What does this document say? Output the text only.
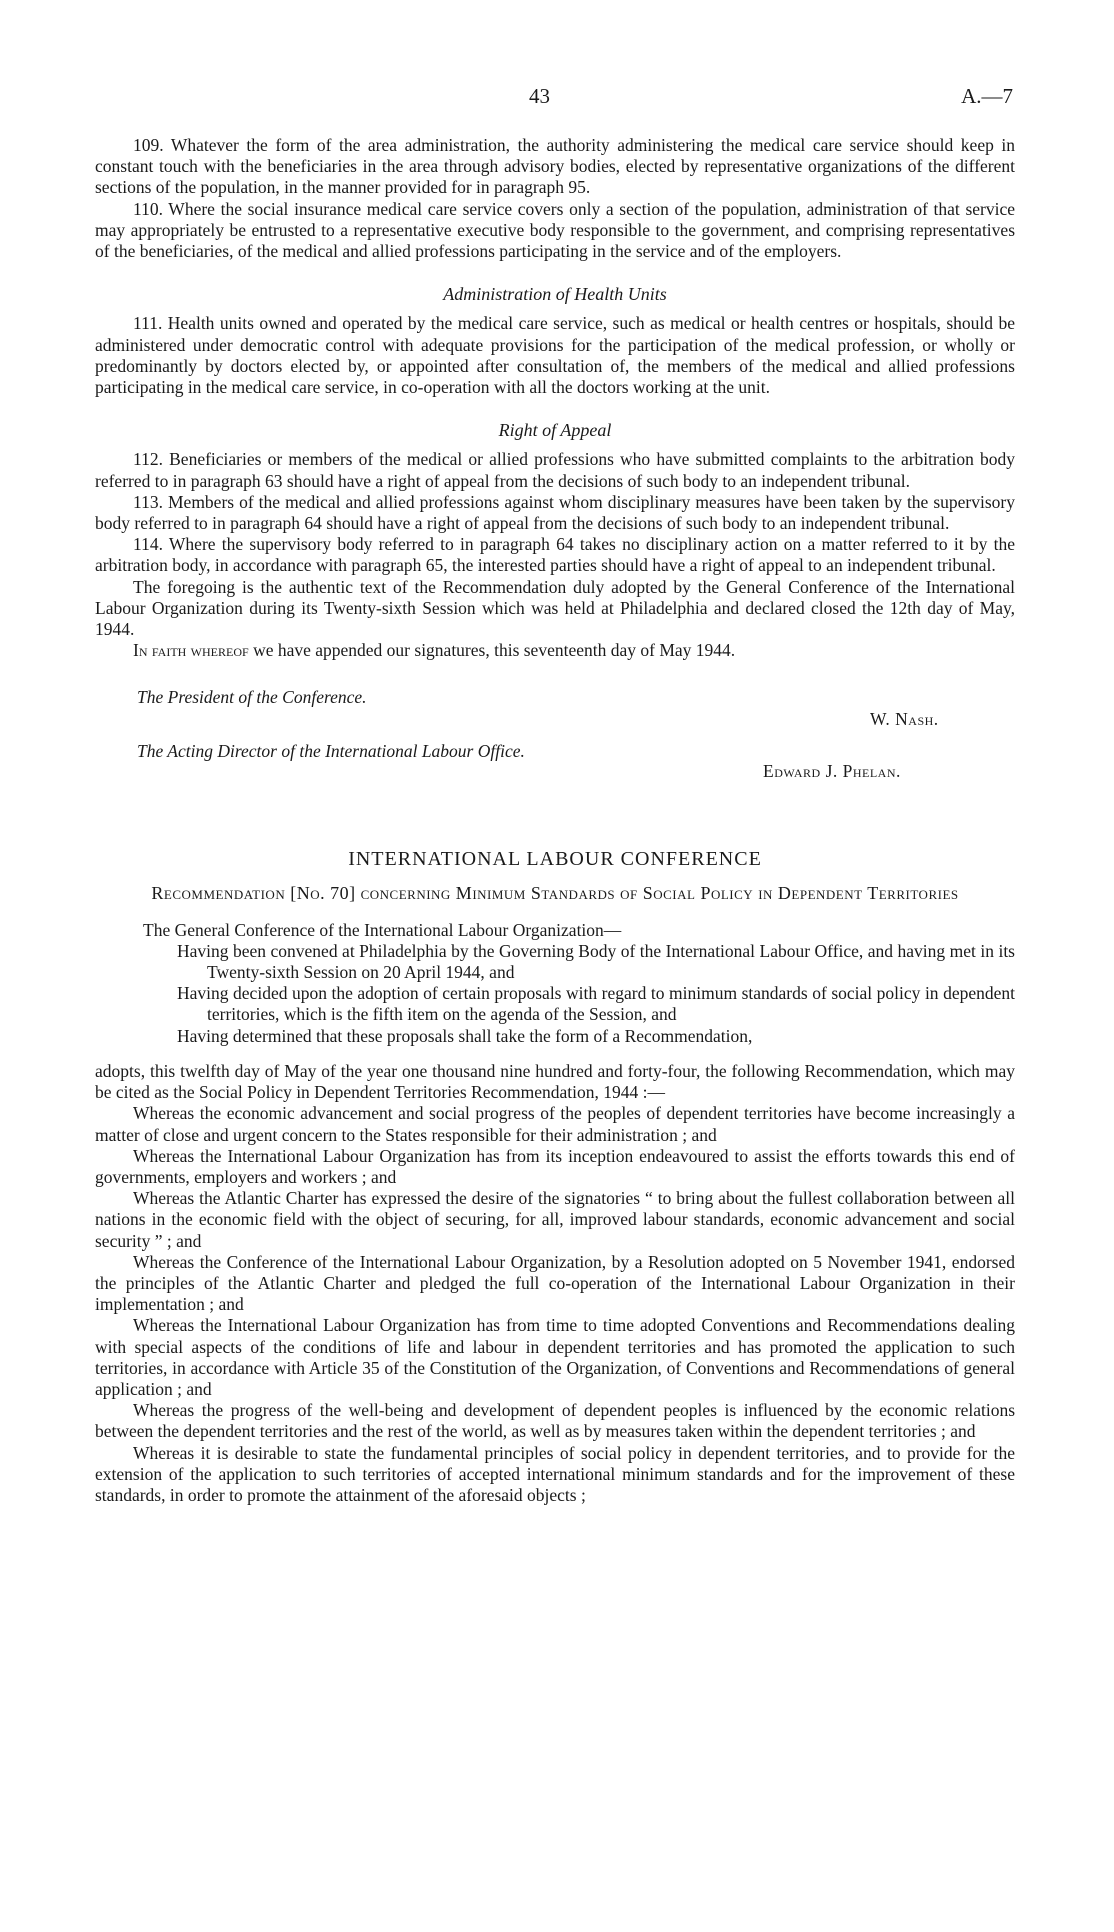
43	A.—7

109. Whatever the form of the area administration, the authority administering the medical care service should keep in constant touch with the beneficiaries in the area through advisory bodies, elected by representative organizations of the different sections of the population, in the manner provided for in paragraph 95.

110. Where the social insurance medical care service covers only a section of the population, administration of that service may appropriately be entrusted to a representative executive body responsible to the government, and comprising representatives of the beneficiaries, of the medical and allied professions participating in the service and of the employers.

Administration of Health Units

111. Health units owned and operated by the medical care service, such as medical or health centres or hospitals, should be administered under democratic control with adequate provisions for the participation of the medical profession, or wholly or predominantly by doctors elected by, or appointed after consultation of, the members of the medical and allied professions participating in the medical care service, in co-operation with all the doctors working at the unit.

Right of Appeal

112. Beneficiaries or members of the medical or allied professions who have submitted complaints to the arbitration body referred to in paragraph 63 should have a right of appeal from the decisions of such body to an independent tribunal.

113. Members of the medical and allied professions against whom disciplinary measures have been taken by the supervisory body referred to in paragraph 64 should have a right of appeal from the decisions of such body to an independent tribunal.

114. Where the supervisory body referred to in paragraph 64 takes no disciplinary action on a matter referred to it by the arbitration body, in accordance with paragraph 65, the interested parties should have a right of appeal to an independent tribunal.

The foregoing is the authentic text of the Recommendation duly adopted by the General Conference of the International Labour Organization during its Twenty-sixth Session which was held at Philadelphia and declared closed the 12th day of May, 1944.

In faith whereof we have appended our signatures, this seventeenth day of May 1944.

The President of the Conference.
The Acting Director of the International Labour Office.
W. Nash.
Edward J. Phelan.

INTERNATIONAL LABOUR CONFERENCE

Recommendation [No. 70] concerning Minimum Standards of Social Policy in Dependent Territories

The General Conference of the International Labour Organization—

Having been convened at Philadelphia by the Governing Body of the International Labour Office, and having met in its Twenty-sixth Session on 20 April 1944, and

Having decided upon the adoption of certain proposals with regard to minimum standards of social policy in dependent territories, which is the fifth item on the agenda of the Session, and

Having determined that these proposals shall take the form of a Recommendation,

adopts, this twelfth day of May of the year one thousand nine hundred and forty-four, the following Recommendation, which may be cited as the Social Policy in Dependent Territories Recommendation, 1944 :—

Whereas the economic advancement and social progress of the peoples of dependent territories have become increasingly a matter of close and urgent concern to the States responsible for their administration ; and

Whereas the International Labour Organization has from its inception endeavoured to assist the efforts towards this end of governments, employers and workers ; and

Whereas the Atlantic Charter has expressed the desire of the signatories “ to bring about the fullest collaboration between all nations in the economic field with the object of securing, for all, improved labour standards, economic advancement and social security ” ; and

Whereas the Conference of the International Labour Organization, by a Resolution adopted on 5 November 1941, endorsed the principles of the Atlantic Charter and pledged the full co-operation of the International Labour Organization in their implementation ; and

Whereas the International Labour Organization has from time to time adopted Conventions and Recommendations dealing with special aspects of the conditions of life and labour in dependent territories and has promoted the application to such territories, in accordance with Article 35 of the Constitution of the Organization, of Conventions and Recommendations of general application ; and

Whereas the progress of the well-being and development of dependent peoples is influenced by the economic relations between the dependent territories and the rest of the world, as well as by measures taken within the dependent territories ; and

Whereas it is desirable to state the fundamental principles of social policy in dependent territories, and to provide for the extension of the application to such territories of accepted international minimum standards and for the improvement of these standards, in order to promote the attainment of the aforesaid objects ;
